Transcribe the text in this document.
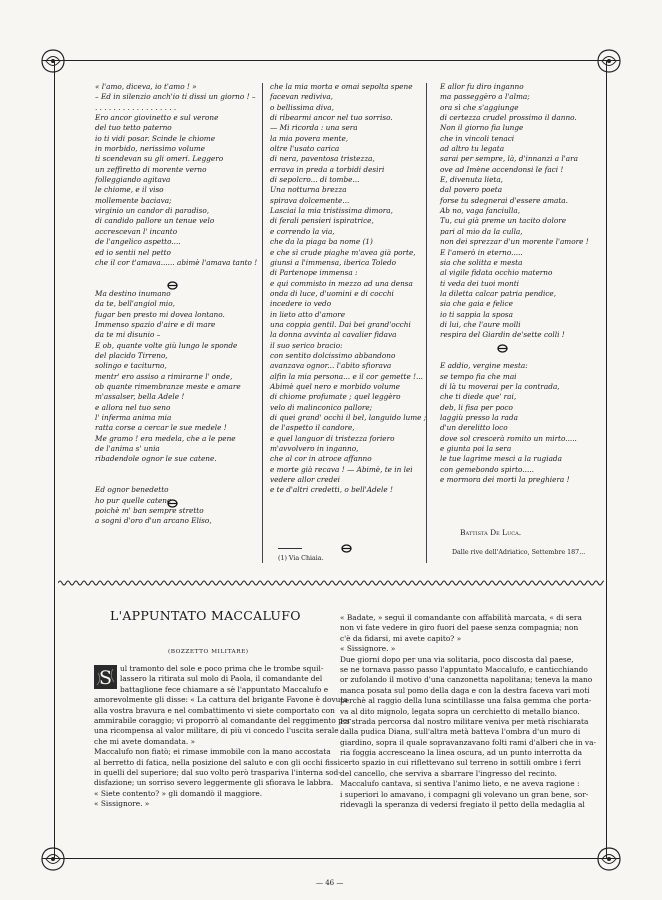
« l'amo, diceva, io t'amo ! »
– Ed in silenzio anch'io ti dissi un giorno ! –
. . . . . . . . . . . . . . . . . .
Ero ancor giovinetto e sul verone
del tuo tetto paterno
io ti vidi posar. Scinde le chiome
in morbido, nerissimo volume
ti scendevan su gli omeri. Leggero
un zeffiretto di morente verno
folleggiando agitava
le chiome, e il viso
mollemente baciava;
virginio un candor di paradiso,
di candido pallore un tenue velo
accrescevan l' incanto
de l'angelico aspetto....
ed io sentii nel petto
che il cor t'amava...... abimè l'amava tanto !
Ma destino inumano
da te, bell'angiol mio,
fugar ben presto mi dovea lontano.
Immenso spazio d'aire e di mare
da te mi disunio –
E ob, quante volte giù lungo le sponde
del placido Tirreno,
solingo e taciturno,
mentr' ero assiso a rimirarne l' onde,
ob quante rimembranze meste e amare
m'assalser, bella Adele !
e allora nel tuo seno
l' inferma anima mia
ratta corse a cercar le sue medele !
Me gramo ! era medela, che a le pene
de l'anima s' unia
ribadendole ognor le sue catene.
Ed ognor benedetto
ho pur quelle catene
poichè m' ban sempre stretto
a sogni d'oro d'un arcano Eliso,
che la mia morta e omai sepolta spene
facevan rediviva,
o bellissima diva,
di ribearmi ancor nel tuo sorriso.
— Mi ricorda : una sera
la mia povera mente,
oltre l'usato carica
di nera, paventosa tristezza,
errava in preda a torbidi desiri
di sepolcro... di tombe...
Una notturna brezza
spirava dolcemente...
Lasciai la mia tristissima dimora,
di ferali pensieri ispiratrice,
e correndo la via,
che da la piaga ba nome (1)
e che sì crude piaghe m'avea già porte,
giunsi a l'immensa, iberica Toledo
di Partenope immensa :
e qui commisto in mezzo ad una densa
onda di luce, d'uomini e di cocchi
incedere io vedo
in lieto atto d'amore
una coppia gentil. Dai bei grand'occhi
la donna avvinta al cavalier fidava
il suo serico bracio:
con sentito dolcissimo abbandono
avanzava ognor... l'abito sfiorava
alfin la mia persona... e il cor gemette !...
Abimè quel nero e morbido volume
di chiome profumate ; quel leggèro
velo di malinconico pallore;
di quei grand' occhi il bel, languido lume ;
de l'aspetto il candore,
e quel languor di tristezza foriero
m'avvolvero in inganno,
che al cor in atroce affanno
e morte già recava ! — Abimè, te in lei
vedere allor credei
e te d'altri credetti, o bell'Adele !
E allor fu diro inganno
ma passeggèro a l'alma;
ora sì che s'aggiunge
di certezza crudel prossimo il danno.
Non il giorno fia lunge
che in vincoli tenaci
ad altro tu legata
sarai per sempre, là, d'innanzi a l'ara
ove ad Imène accendonsi le faci !
E, divenuta lieta,
dal povero poeta
forse tu sdegnerai d'essere amata.
Ab no, vaga fanciulla,
Tu, cui già preme un tacito dolore
pari al mio da la culla,
non dei sprezzar d'un morente l'amore !
E l'amerò in eterno.....
sia che solitta e mesta
al vigile fidata occhio materno
ti veda dei tuoi monti
la diletta calcar patria pendice,
sia che gaia e felice
io ti sappia la sposa
di lui, che l'aure molli
respira del Giardin de'sette colli !
E addio, vergine mesta:
se tempo fia che mai
di là tu moverai per la contrada,
che ti diede que' rai,
deb, li fisa per poco
laggiù presso la rada
d'un derelitto loco
dove sol crescerà romito un mirto.....
e giunta poi la sera
le tue lagrime mesci a la rugiada
con gemebondo spirto.....
e mormora dei morti la preghiera !
Battista De Luca.
Dalle rive dell'Adriatico, Settembre 187...
(1) Via Chiaia.
L'APPUNTATO MACCALUFO
(BOZZETTO MILITARE)
S	ul tramonto del sole e poco prima che le trombe squil-
lassero la ritirata sul molo di Paola, il comandante del
battaglione fece chiamare a sè l'appuntato Maccalufo e
amorevolmente gli disse: « La cattura del brigante Favone è dovuta
alla vostra bravura e nel combattimento vi siete comportato con
ammirabile coraggio; vi proporrò al comandante del reggimento per
una ricompensa al valor militare, di più vi concedo l'uscita serale
che mi avete domandata. »
Maccalufo non fiatò; ei rimase immobile con la mano accostata
al berretto di fatica, nella posizione del saluto e con gli occhi fissi
in quelli del superiore; dal suo volto però traspariva l'interna sod-
disfazione; un sorriso severo leggermente gli sfiorava le labbra.
« Siete contento? » gli domandò il maggiore.
« Sissignore. »
« Badate, » seguì il comandante con affabilità marcata, « di sera
non vi fate vedere in giro fuori del paese senza compagnia; non
c'è da fidarsi, mi avete capito? »
« Sissignore. »
Due giorni dopo per una via solitaria, poco discosta dal paese,
se ne tornava passo passo l'appuntato Maccalufo, e canticchiando
or zufolando il motivo d'una canzonetta napolitana; teneva la mano
manca posata sul pomo della daga e con la destra faceva vari moti
perchè al raggio della luna scintillasse una falsa gemma che porta-
va al dito mignolo, legata sopra un cerchietto di metallo bianco.
La strada percorsa dal nostro militare veniva per metà rischiarata
dalla pudica Diana, sull'altra metà batteva l'ombra d'un muro di
giardino, sopra il quale sopravanzavano folti rami d'alberi che in va-
ria foggia accresceano la linea oscura, ad un punto interrotta da
certo spazio in cui riflettevano sul terreno in sottili ombre i ferri
del cancello, che serviva a sbarrare l'ingresso del recinto.
Maccalufo cantava, si sentiva l'animo lieto, e ne aveva ragione :
i superiori lo amavano, i compagni gli volevano un gran bene, sor-
ridevagli la speranza di vedersi fregiato il petto della medaglia al
— 46 —
